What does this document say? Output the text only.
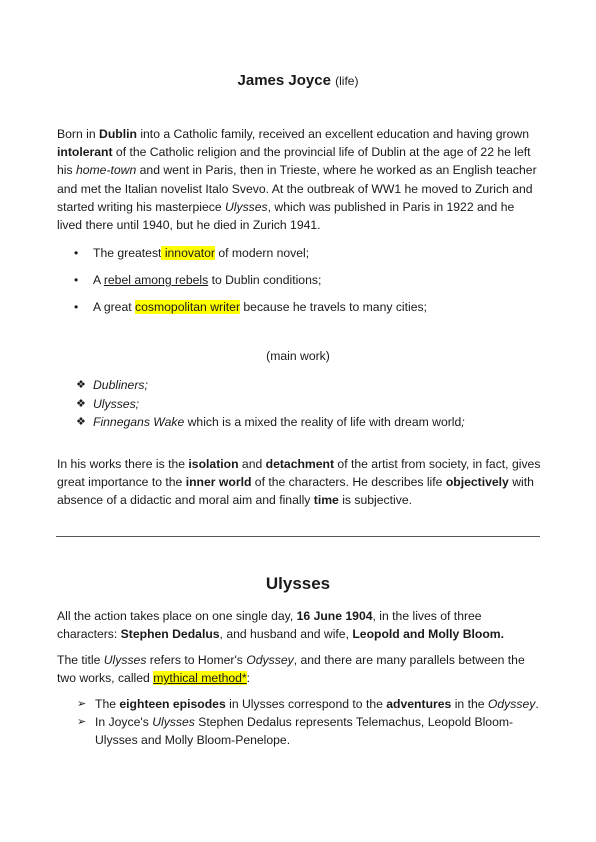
James Joyce (life)

Born in Dublin into a Catholic family, received an excellent education and having grown intolerant of the Catholic religion and the provincial life of Dublin at the age of 22 he left his home-town and went in Paris, then in Trieste, where he worked as an English teacher and met the Italian novelist Italo Svevo. At the outbreak of WW1 he moved to Zurich and started writing his masterpiece Ulysses, which was published in Paris in 1922 and he lived there until 1940, but he died in Zurich 1941.

• The greatest innovator of modern novel;
• A rebel among rebels to Dublin conditions;
• A great cosmopolitan writer because he travels to many cities;
(main work)
❖ Dubliners;
❖ Ulysses;
❖ Finnegans Wake which is a mixed the reality of life with dream world;

In his works there is the isolation and detachment of the artist from society, in fact, gives great importance to the inner world of the characters. He describes life objectively with absence of a didactic and moral aim and finally time is subjective.

Ulysses

All the action takes place on one single day, 16 June 1904, in the lives of three characters: Stephen Dedalus, and husband and wife, Leopold and Molly Bloom.

The title Ulysses refers to Homer's Odyssey, and there are many parallels between the two works, called mythical method*:

➢ The eighteen episodes in Ulysses correspond to the adventures in the Odyssey.
➢ In Joyce's Ulysses Stephen Dedalus represents Telemachus, Leopold Bloom-Ulysses and Molly Bloom-Penelope.
